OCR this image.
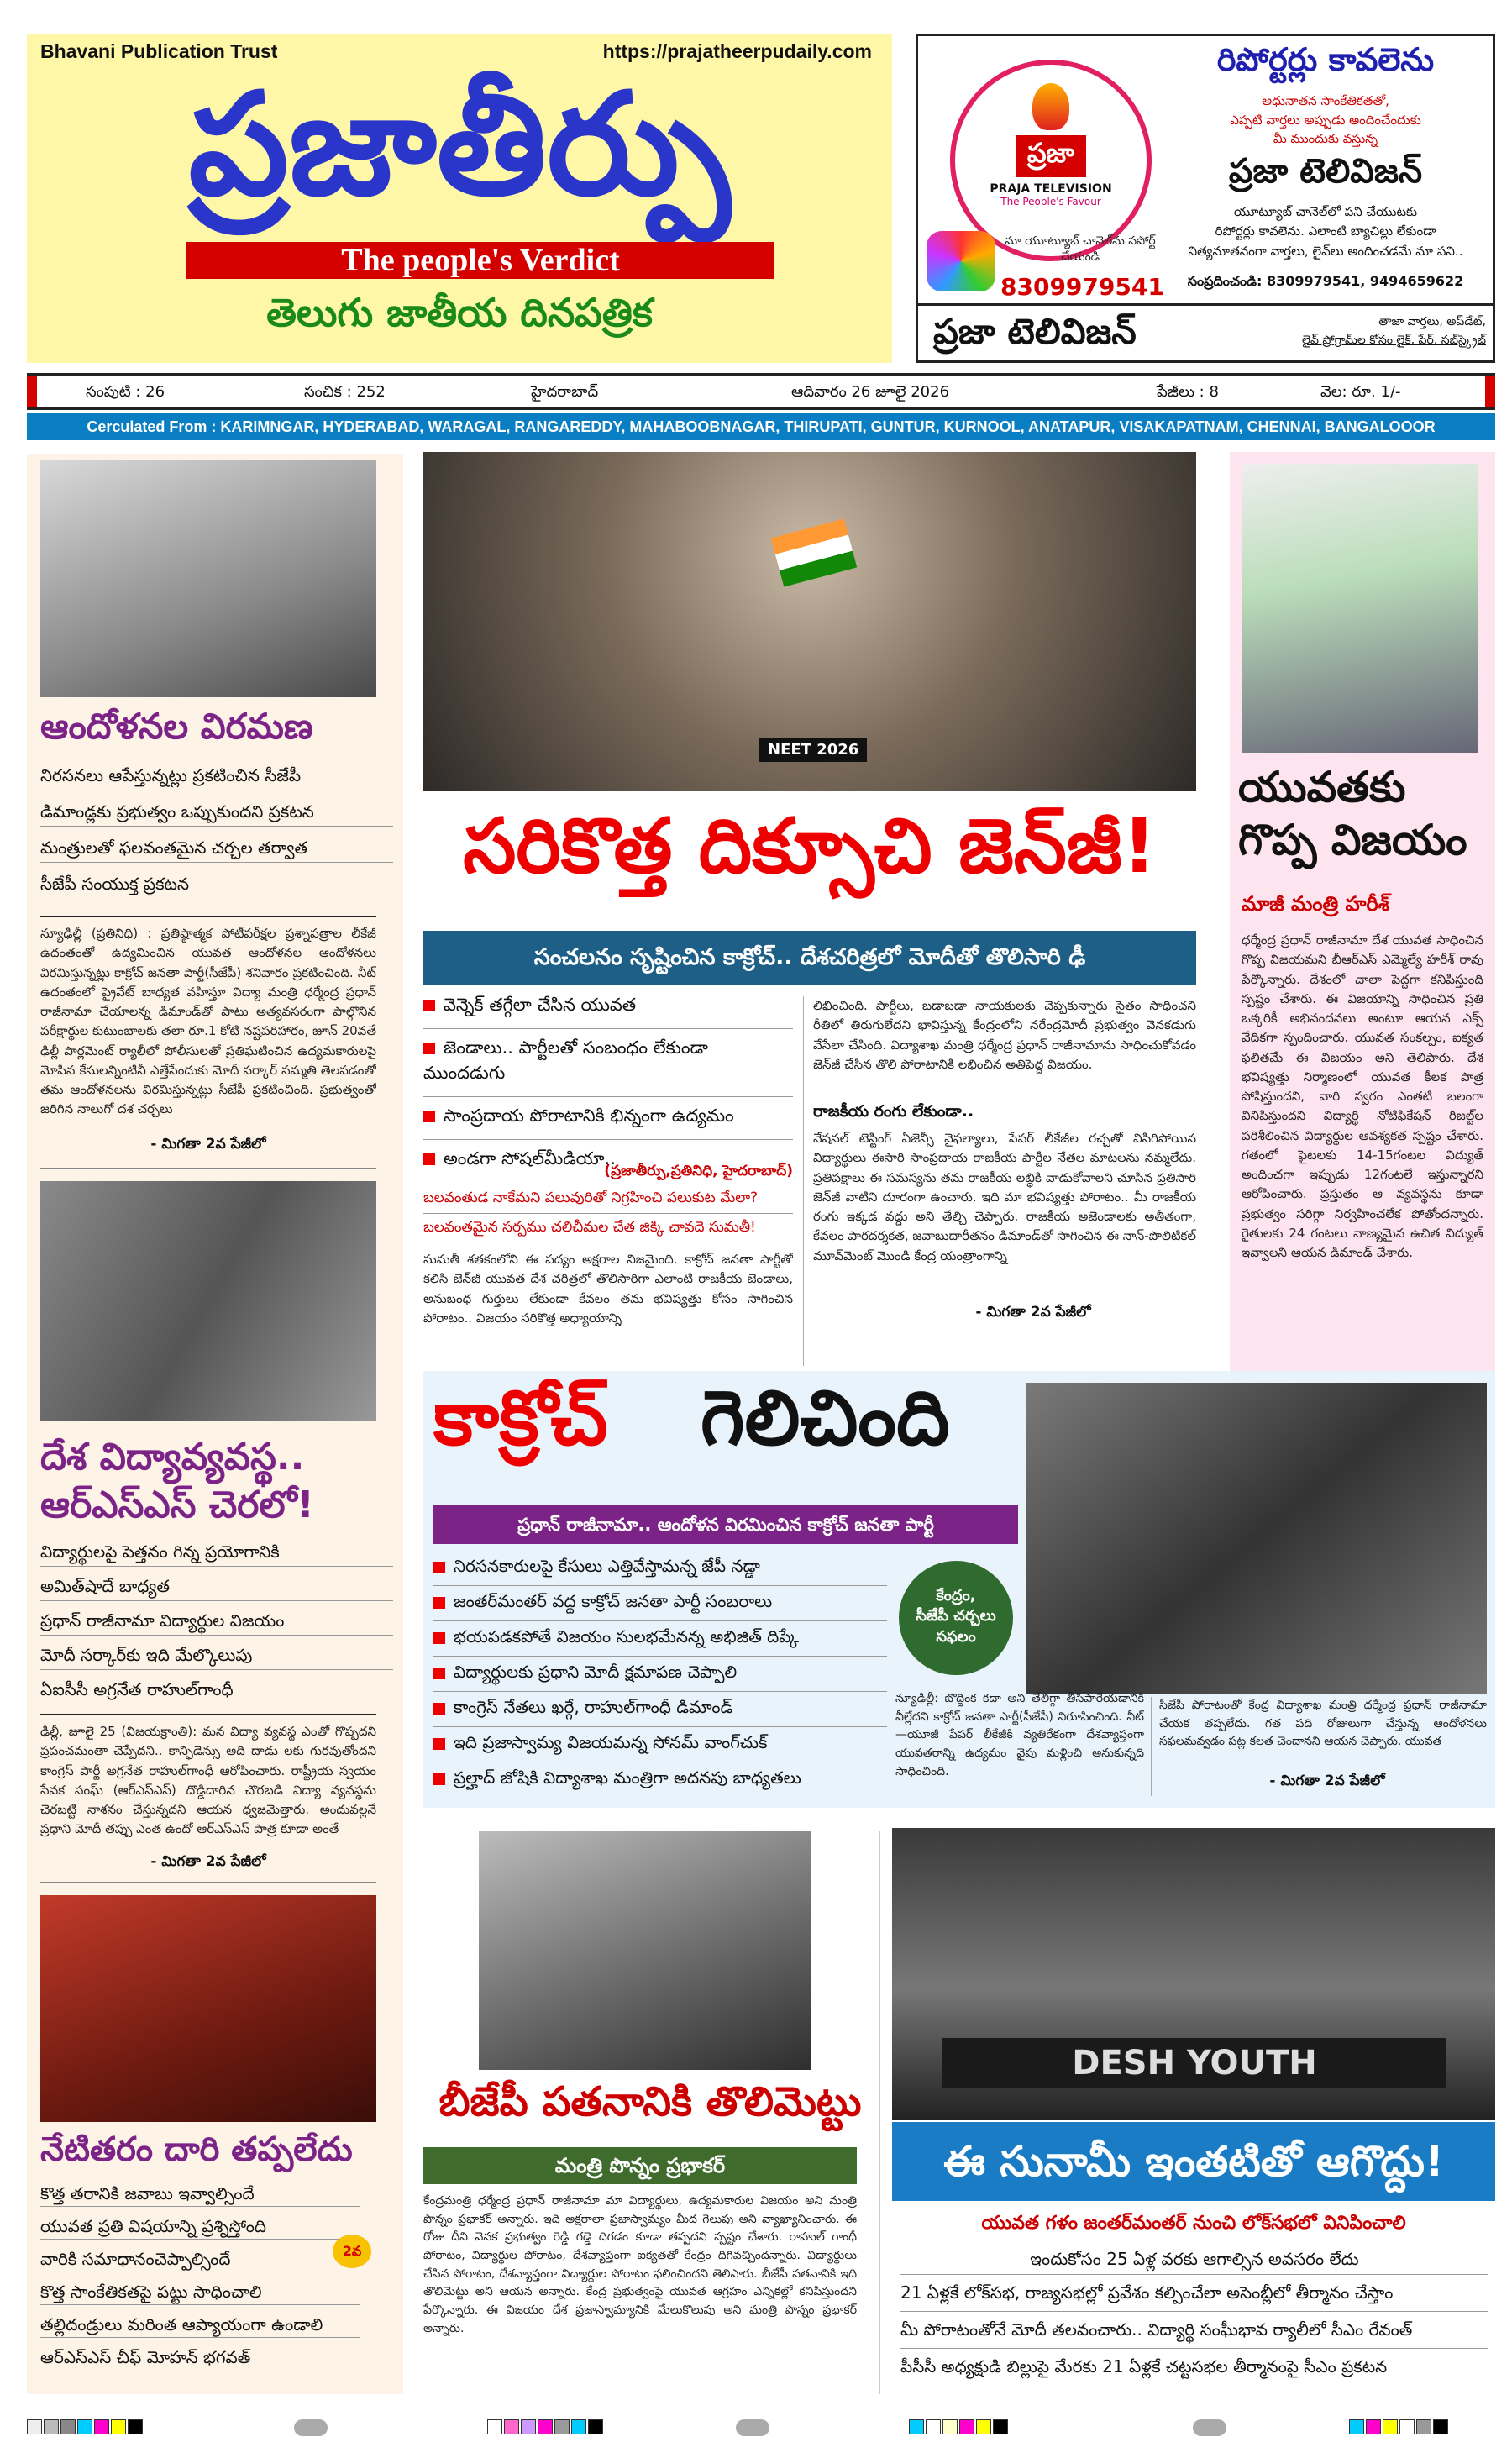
Bhavani Publication Trust	https://prajatheerpudaily.com
ప్రజాతీర్పు
The people's Verdict
తెలుగు జాతీయ దినపత్రిక
ప్రజా
PRAJA TELEVISION
The People's Favour
రిపోర్టర్లు కావలెను
అధునాతన సాంకేతికతతో,
ఎప్పటి వార్తలు అప్పుడు అందించేందుకు
మీ ముందుకు వస్తున్న
ప్రజా టెలివిజన్
యూట్యూబ్ చానెల్‌లో పని చేయుటకు
రిపోర్టర్లు కావలెను. ఎలాంటి బ్యాచిల్లు లేకుండా
నిత్యనూతనంగా వార్తలు, లైవ్‌లు అందించడమే మా పని..
సంప్రదించండి: 8309979541, 9494659622
మా యూట్యూబ్ చానెల్‌ను సపోర్ట్ చేయండి
8309979541
ప్రజా టెలివిజన్	తాజా వార్తలు, అప్‌డేట్,
లైవ్ ప్రోగ్రామ్‌ల కోసం లైక్, షేర్, సబ్‌స్క్రైబ్
సంపుటి : 26	సంచిక : 252	హైదరాబాద్	ఆదివారం 26 జూలై 2026	పేజీలు : 8	వెల: రూ. 1/-
Cerculated From : KARIMNGAR, HYDERABAD, WARAGAL, RANGAREDDY, MAHABOOBNAGAR, THIRUPATI, GUNTUR, KURNOOL, ANATAPUR, VISAKAPATNAM, CHENNAI, BANGALOOOR
ఆందోళనల విరమణ
నిరసనలు ఆపేస్తున్నట్లు ప్రకటించిన సీజేపీ
డిమాండ్లకు ప్రభుత్వం ఒప్పుకుందని ప్రకటన
మంత్రులతో ఫలవంతమైన చర్చల తర్వాత
సీజేపీ సంయుక్త ప్రకటన
న్యూఢిల్లీ (ప్రతినిధి) : ప్రతిష్ఠాత్మక పోటీపరీక్షల ప్రశ్నాపత్రాల లీకేజీ ఉదంతంతో ఉద్యమించిన యువత ఆందోళనల ఆందోళనలు విరమిస్తున్నట్లు కాక్రోచ్ జనతా పార్టీ(సీజేపీ) శనివారం ప్రకటించింది. నీట్ ఉదంతంలో ప్రైవేట్ బాధ్యత వహిస్తూ విద్యా మంత్రి ధర్మేంద్ర ప్రధాన్ రాజీనామా చేయాలన్న డిమాండ్‌తో పాటు అత్యవసరంగా పాల్గొనిన పరీక్షార్థుల కుటుంబాలకు తలా రూ.1 కోటి నష్టపరిహారం, జూన్ 20వతే ఢిల్లీ పార్లమెంట్ ర్యాలీలో పోలీసులతో ప్రతిఘటించిన ఉద్యమకారులపై మోపిన కేసులన్నింటినీ ఎత్తేసేందుకు మోదీ సర్కార్ సమ్మతి తెలపడంతో తమ ఆందోళనలను విరమిస్తున్నట్లు సీజేపీ ప్రకటించింది. ప్రభుత్వంతో జరిగిన నాలుగో దశ చర్చలు
- మిగతా 2వ పేజీలో
దేశ విద్యావ్యవస్థ.. ఆర్ఎస్ఎస్ చెరలో!
విద్యార్థులపై పెత్తనం గిన్న ప్రయోగానికి
అమిత్‌షాదే బాధ్యత
ప్రధాన్ రాజీనామా విద్యార్థుల విజయం
మోదీ సర్కార్‌కు ఇది మేల్కొలుపు
ఏఐసీసీ అగ్రనేత రాహుల్‌గాంధీ
ఢిల్లీ, జూలై 25 (విజయక్రాంతి): మన విద్యా వ్యవస్థ ఎంతో గొప్పదని ప్రపంచమంతా చెప్పేదని.. కాన్ఫిడెన్సు అది దాడు లకు గురవుతోందని కాంగ్రెస్ పార్టీ అగ్రనేత రాహుల్‌గాంధీ ఆరోపించారు. రాష్ట్రీయ స్వయం సేవక సంఘ్ (ఆర్‌ఎస్‌ఎస్) దొడ్డిదారిన చొరబడి విద్యా వ్యవస్థను చెరబట్టి నాశనం చేస్తున్నదని ఆయన ధ్వజమెత్తారు. అందువల్లనే ప్రధాని మోదీ తప్పు ఎంత ఉందో ఆర్‌ఎస్‌ఎస్ పాత్ర కూడా అంతే
- మిగతా 2వ పేజీలో
నేటితరం దారి తప్పలేదు
కొత్త తరానికి జవాబు ఇవ్వాల్సిందే
యువత ప్రతి విషయాన్ని ప్రశ్నిస్తోంది
వారికి సమాధానంచెప్పాల్సిందే
కొత్త సాంకేతికతపై పట్టు సాధించాలి
తల్లిదండ్రులు మరింత ఆప్యాయంగా ఉండాలి
ఆర్ఎస్ఎస్ చీఫ్ మోహన్ భగవత్
2వ
NEET 2026
సరికొత్త దిక్సూచి జెన్‌జీ!
సంచలనం సృష్టించిన కాక్రోచ్.. దేశచరిత్రలో మోదీతో తొలిసారి ఢీ
వెన్నెక్ తగ్గేలా చేసిన యువత
జెండాలు.. పార్టీలతో సంబంధం లేకుండా ముందడుగు
సాంప్రదాయ పోరాటానికి భిన్నంగా ఉద్యమం
అండగా సోషల్‌మీడియా..
(ప్రజాతీర్పు,ప్రతినిధి, హైదరాబాద్)
బలవంతుడ నాకేమని పలువురితో నిగ్రహించి పలుకుట మేలా?
బలవంతమైన సర్పము చలిచీమల చేత జిక్కి చావదె సుమతీ!
సుమతీ శతకంలోని ఈ పద్యం అక్షరాల నిజమైంది. కాక్రోచ్ జనతా పార్టీతో కలిసి జెన్‌జీ యువత దేశ చరిత్రలో తొలిసారిగా ఎలాంటి రాజకీయ జెండాలు, అనుబంధ గుర్తులు లేకుండా కేవలం తమ భవిష్యత్తు కోసం సాగించిన పోరాటం.. విజయం సరికొత్త అధ్యాయాన్ని
లిఖించింది. పార్టీలు, బడాబడా నాయకులకు చెప్పకున్నారు సైతం సాధించని రీతిలో తిరుగులేదని భావిస్తున్న కేంద్రంలోని నరేంద్రమోదీ ప్రభుత్వం వెనకడుగు వేసేలా చేసింది. విద్యాశాఖ మంత్రి ధర్మేంద్ర ప్రధాన్ రాజీనామాను సాధించుకోవడం జెన్‌జీ చేసిన తొలి పోరాటానికి లభించిన అతిపెద్ద విజయం.
రాజకీయ రంగు లేకుండా..
నేషనల్ టెస్టింగ్ ఏజెన్సీ వైఫల్యాలు, పేపర్ లీకేజీల రచ్చతో విసిగిపోయిన విద్యార్థులు ఈసారి సాంప్రదాయ రాజకీయ పార్టీల నేతల మాటలను నమ్మలేదు. ప్రతిపక్షాలు ఈ సమస్యను తమ రాజకీయ లబ్ధికి వాడుకోవాలని చూసిన ప్రతిసారి జెన్‌జీ వాటిని దూరంగా ఉంచారు. ఇది మా భవిష్యత్తు పోరాటం.. మీ రాజకీయ రంగు ఇక్కడ వద్దు అని తేల్చి చెప్పారు. రాజకీయ అజెండాలకు అతీతంగా, కేవలం పారదర్శకత, జవాబుదారీతనం డిమాండ్‌తో సాగించిన ఈ నాన్-పొలిటికల్ మూవ్‌మెంట్ మొండి కేంద్ర యంత్రాంగాన్ని
- మిగతా 2వ పేజీలో
యువతకు గొప్ప విజయం
మాజీ మంత్రి హరీశ్
ధర్మేంద్ర ప్రధాన్ రాజీనామా దేశ యువత సాధించిన గొప్ప విజయమని బీఆర్‌ఎస్ ఎమ్మెల్యే హరీశ్ రావు పేర్కొన్నారు. దేశంలో చాలా పెద్దగా కనిపిస్తుంది స్పష్టం చేశారు. ఈ విజయాన్ని సాధించిన ప్రతి ఒక్కరికీ అభినందనలు అంటూ ఆయన ఎక్స్ వేదికగా స్పందించారు. యువత సంకల్పం, ఐక్యత ఫలితమే ఈ విజయం అని తెలిపారు. దేశ భవిష్యత్తు నిర్మాణంలో యువత కీలక పాత్ర పోషిస్తుందని, వారి స్వరం ఎంతటి బలంగా వినిపిస్తుందని విద్యార్థి నోటిఫికేషన్ రిజల్ట్‌ల పరిశీలించిన విద్యార్థుల ఆవశ్యకత స్పష్టం చేశారు. గతంలో ఫైటలకు 14-15గంటల విద్యుత్ అందించగా ఇప్పుడు 12గంటలే ఇస్తున్నారని ఆరోపించారు. ప్రస్తుతం ఆ వ్యవస్థను కూడా ప్రభుత్వం సరిగ్గా నిర్వహించలేక పోతోందన్నారు. రైతులకు 24 గంటలు నాణ్యమైన ఉచిత విద్యుత్ ఇవ్వాలని ఆయన డిమాండ్ చేశారు.
కాక్రోచ్ గెలిచింది
ప్రధాన్ రాజీనామా.. ఆందోళన విరమించిన కాక్రోచ్ జనతా పార్టీ
నిరసనకారులపై కేసులు ఎత్తివేస్తామన్న జేపీ నడ్డా
జంతర్‌మంతర్ వద్ద కాక్రోచ్ జనతా పార్టీ సంబరాలు
భయపడకపోతే విజయం సులభమేనన్న అభిజిత్ దిప్కే
విద్యార్థులకు ప్రధాని మోదీ క్షమాపణ చెప్పాలి
కాంగ్రెస్ నేతలు ఖర్గే, రాహుల్‌గాంధీ డిమాండ్
ఇది ప్రజాస్వామ్య విజయమన్న సోనమ్ వాంగ్‌చుక్
ప్రల్హాద్ జోషికి విద్యాశాఖ మంత్రిగా అదనపు బాధ్యతలు
కేంద్రం,
సీజేపీ చర్చలు
సఫలం
న్యూఢిల్లీ: బొద్దింక కదా అని తేలిగ్గా తీసిపారేయడానికి వీల్లేదని కాక్రోచ్ జనతా పార్టీ(సీజేపీ) నిరూపించింది. నీట్‌—యూజీ పేపర్ లీకేజీకి వ్యతిరేకంగా దేశవ్యాప్తంగా యువతరాన్ని ఉద్యమం వైపు మళ్లించి అనుకున్నది సాధించింది.
సీజేపీ పోరాటంతో కేంద్ర విద్యాశాఖ మంత్రి ధర్మేంద్ర ప్రధాన్ రాజీనామా చేయక తప్పలేదు. గత పది రోజులుగా చేస్తున్న ఆందోళనలు సఫలమవ్వడం పట్ల కలత చెందానని ఆయన చెప్పారు. యువత
- మిగతా 2వ పేజీలో
బీజేపీ పతనానికి తొలిమెట్టు
మంత్రి పొన్నం ప్రభాకర్
కేంద్రమంత్రి ధర్మేంద్ర ప్రధాన్ రాజీనామా మా విద్యార్థులు, ఉద్యమకారుల విజయం అని మంత్రి పొన్నం ప్రభాకర్ అన్నారు. ఇది అక్షరాలా ప్రజాస్వామ్యం మీద గెలుపు అని వ్యాఖ్యానించారు. ఈ రోజు దీని వెనక ప్రభుత్వం రెడ్డి గడ్డె దిగడం కూడా తప్పదని స్పష్టం చేశారు. రాహుల్ గాంధీ పోరాటం, విద్యార్థుల పోరాటం, దేశవ్యాప్తంగా ఐక్యతతో కేంద్రం దిగివచ్చిందన్నారు. విద్యార్థులు చేసిన పోరాటం, దేశవ్యాప్తంగా విద్యార్థుల పోరాటం ఫలించిందని తెలిపారు. బీజేపీ పతనానికి ఇది తొలిమెట్టు అని ఆయన అన్నారు. కేంద్ర ప్రభుత్వంపై యువత ఆగ్రహం ఎన్నికల్లో కనిపిస్తుందని పేర్కొన్నారు. ఈ విజయం దేశ ప్రజాస్వామ్యానికి మేలుకొలుపు అని మంత్రి పొన్నం ప్రభాకర్ అన్నారు.
DESH YOUTH
ఈ సునామీ ఇంతటితో ఆగొద్దు!
యువత గళం జంతర్‌మంతర్ నుంచి లోక్‌సభలో వినిపించాలి
ఇందుకోసం 25 ఏళ్ల వరకు ఆగాల్సిన అవసరం లేదు
21 ఏళ్లకే లోక్‌సభ, రాజ్యసభల్లో ప్రవేశం కల్పించేలా అసెంబ్లీలో తీర్మానం చేస్తాం
మీ పోరాటంతోనే మోదీ తలవంచారు.. విద్యార్థి సంఘీభావ ర్యాలీలో సీఎం రేవంత్
పీసీసీ అధ్యక్షుడి బిల్లుపై మేరకు 21 ఏళ్లకే చట్టసభల తీర్మానంపై సీఎం ప్రకటన
